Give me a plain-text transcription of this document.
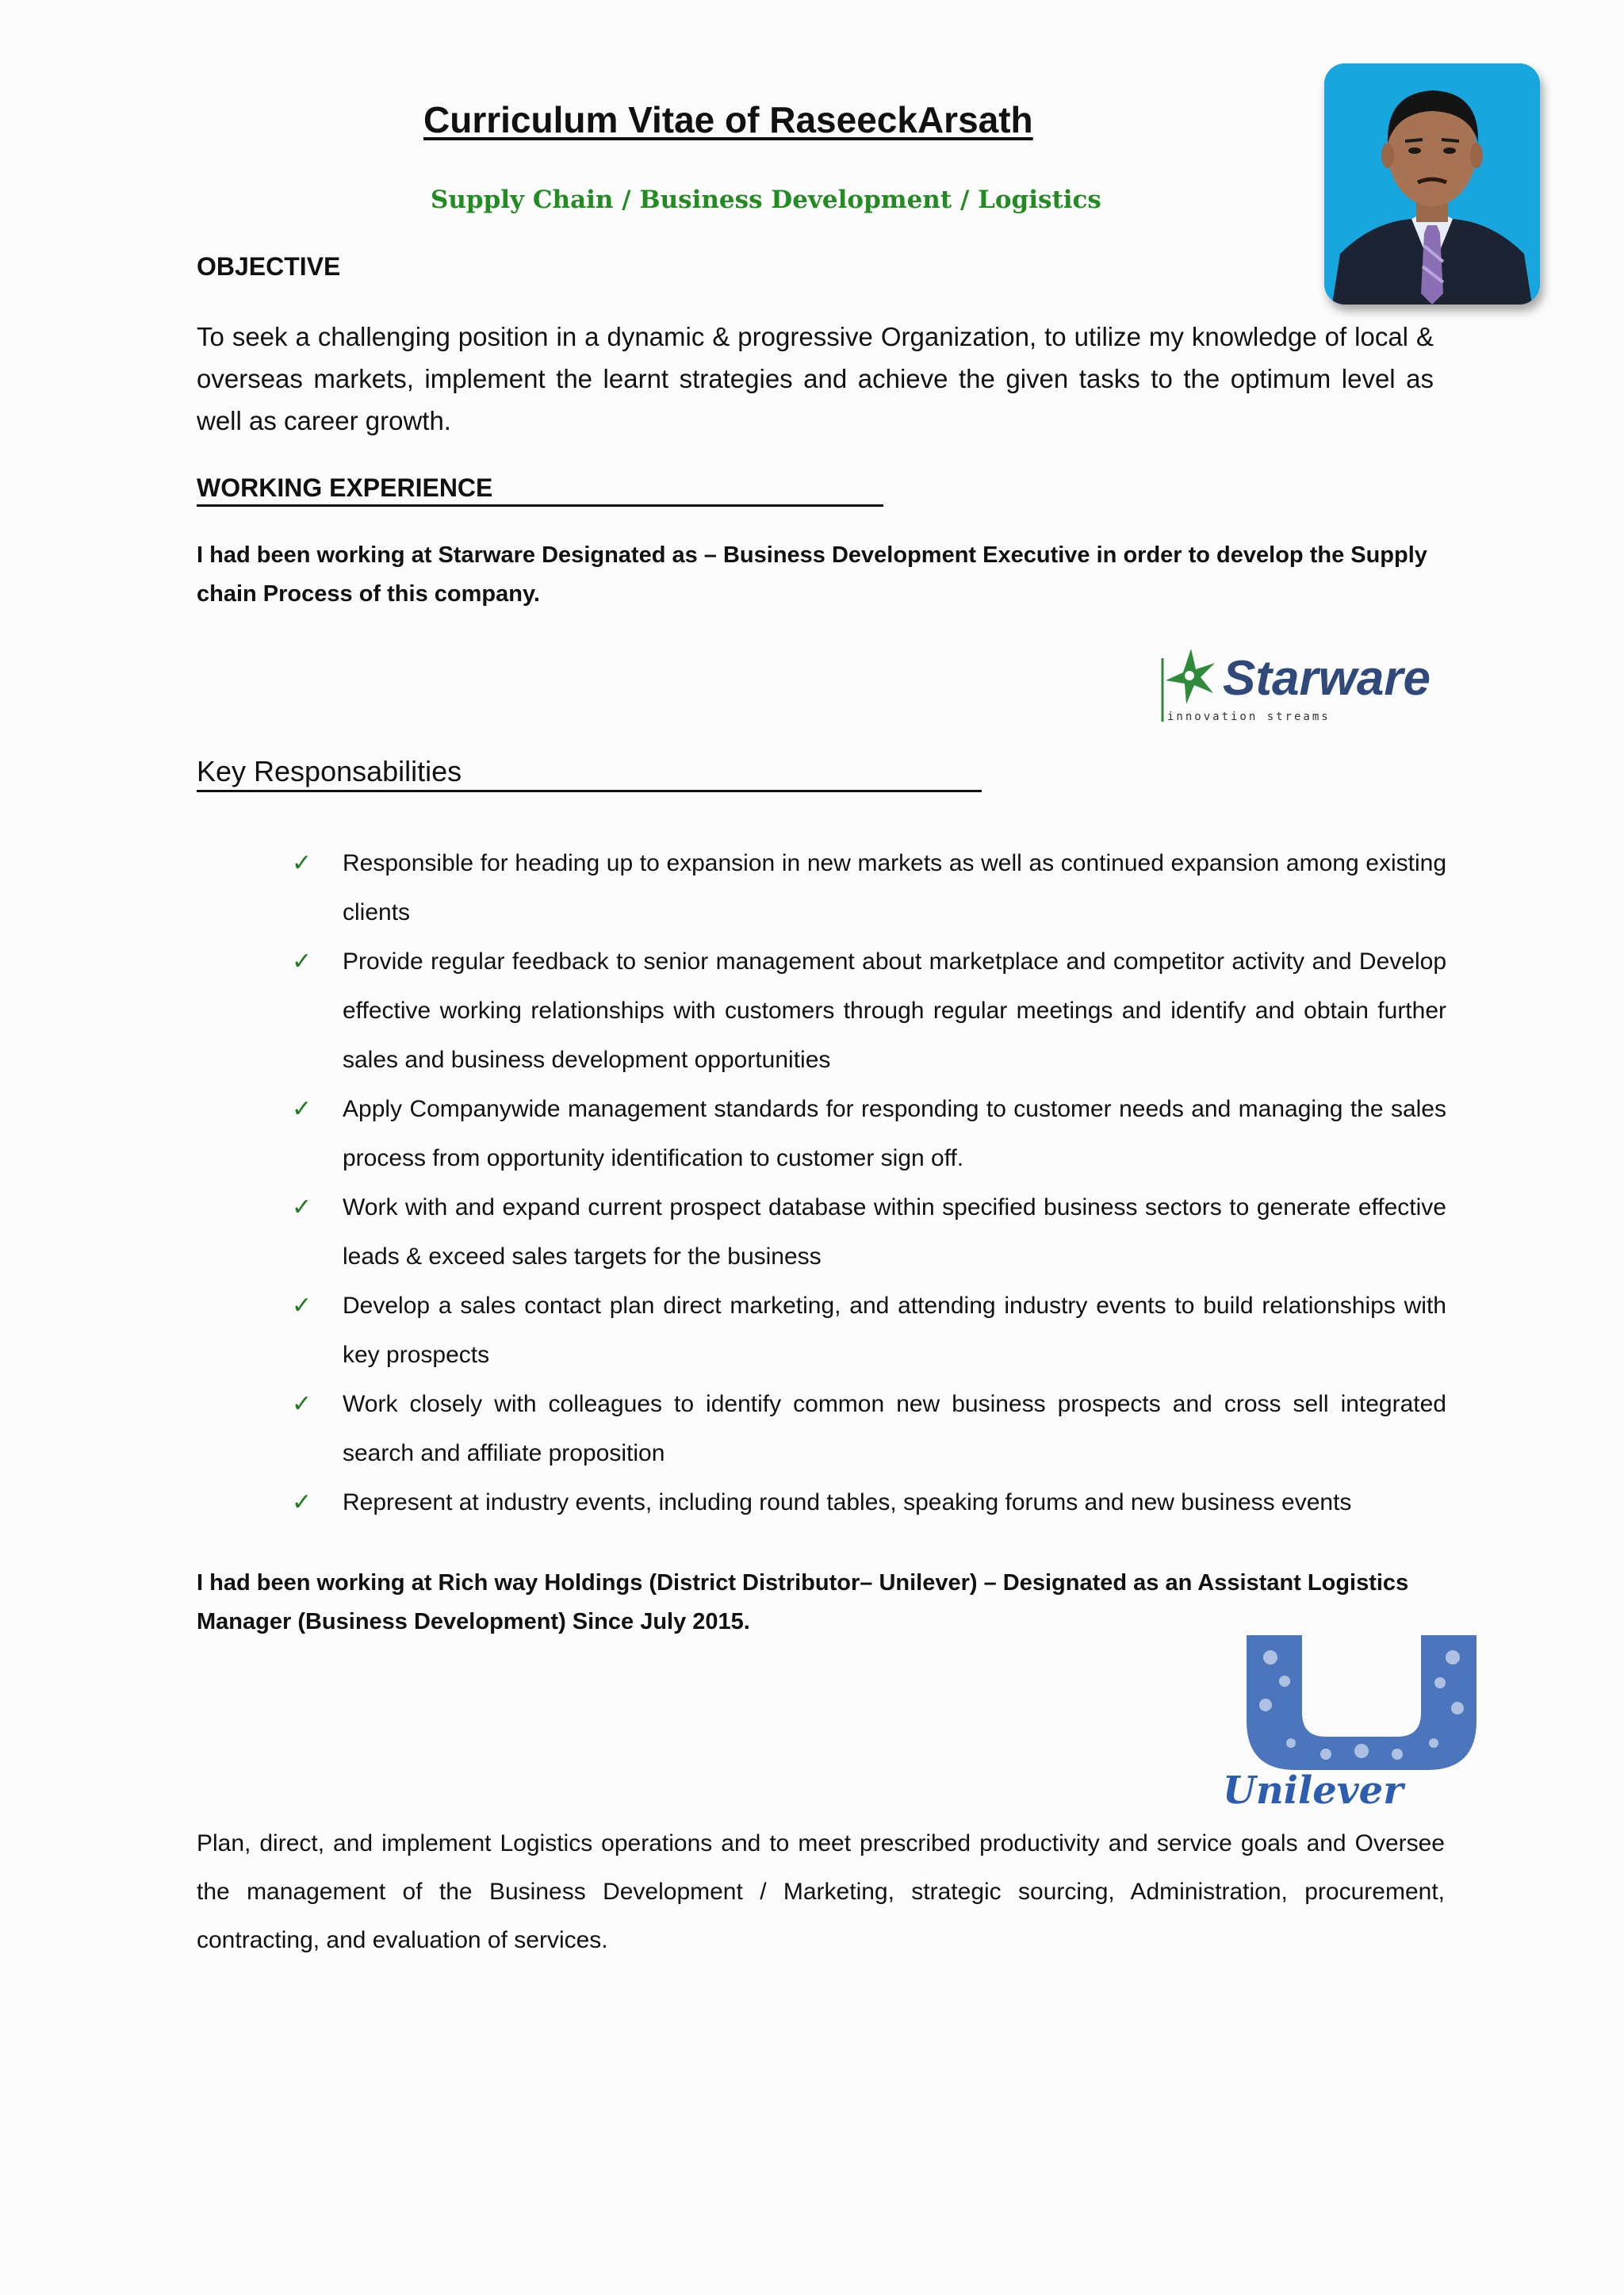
Curriculum Vitae of RaseeckArsath
Supply Chain / Business Development / Logistics
OBJECTIVE
To seek a challenging position in a dynamic & progressive Organization, to utilize my knowledge of local & overseas markets, implement the learnt strategies and achieve the given tasks to the optimum level as well as career growth.
WORKING EXPERIENCE
I had been working at Starware Designated as – Business Development Executive in order to develop the Supply chain Process of this company.
Starware
innovation streams
Key Responsabilities
✓ Responsible for heading up to expansion in new markets as well as continued expansion among existing clients
✓ Provide regular feedback to senior management about marketplace and competitor activity and Develop effective working relationships with customers through regular meetings and identify and obtain further sales and business development opportunities
✓ Apply Companywide management standards for responding to customer needs and managing the sales process from opportunity identification to customer sign off.
✓ Work with and expand current prospect database within specified business sectors to generate effective leads & exceed sales targets for the business
✓ Develop a sales contact plan direct marketing, and attending industry events to build relationships with key prospects
✓ Work closely with colleagues to identify common new business prospects and cross sell integrated search and affiliate proposition
✓ Represent at industry events, including round tables, speaking forums and new business events
I had been working at Rich way Holdings (District Distributor– Unilever) – Designated as an Assistant Logistics Manager (Business Development) Since July 2015.
Unilever
Plan, direct, and implement Logistics operations and to meet prescribed productivity and service goals and Oversee the management of the Business Development / Marketing, strategic sourcing, Administration, procurement, contracting, and evaluation of services.
